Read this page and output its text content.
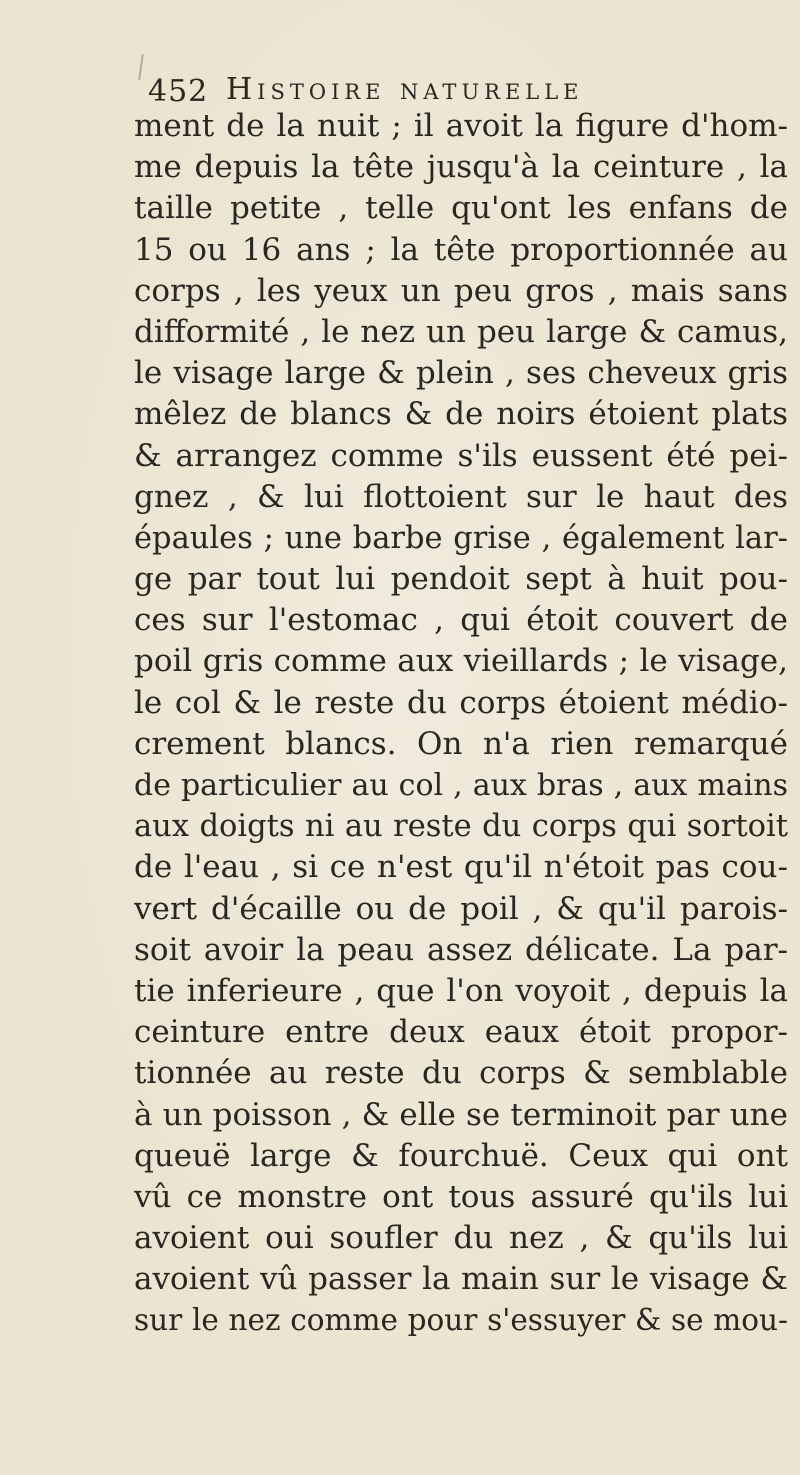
452 Histoire naturelle
ment de la nuit ; il avoit la figure d'hom-
me depuis la tête jusqu'à la ceinture , la
taille petite , telle qu'ont les enfans de
15 ou 16 ans ; la tête proportionnée au
corps , les yeux un peu gros , mais sans
difformité , le nez un peu large & camus,
le visage large & plein , ses cheveux gris
mêlez de blancs & de noirs étoient plats
& arrangez comme s'ils eussent été pei-
gnez , & lui flottoient sur le haut des
épaules ; une barbe grise , également lar-
ge par tout lui pendoit sept à huit pou-
ces sur l'estomac , qui étoit couvert de
poil gris comme aux vieillards ; le visage,
le col & le reste du corps étoient médio-
crement blancs. On n'a rien remarqué
de particulier au col , aux bras , aux mains
aux doigts ni au reste du corps qui sortoit
de l'eau , si ce n'est qu'il n'étoit pas cou-
vert d'écaille ou de poil , & qu'il parois-
soit avoir la peau assez délicate. La par-
tie inferieure , que l'on voyoit , depuis la
ceinture entre deux eaux étoit propor-
tionnée au reste du corps & semblable
à un poisson , & elle se terminoit par une
queuë large & fourchuë. Ceux qui ont
vû ce monstre ont tous assuré qu'ils lui
avoient oui soufler du nez , & qu'ils lui
avoient vû passer la main sur le visage &
sur le nez comme pour s'essuyer & se mou-
